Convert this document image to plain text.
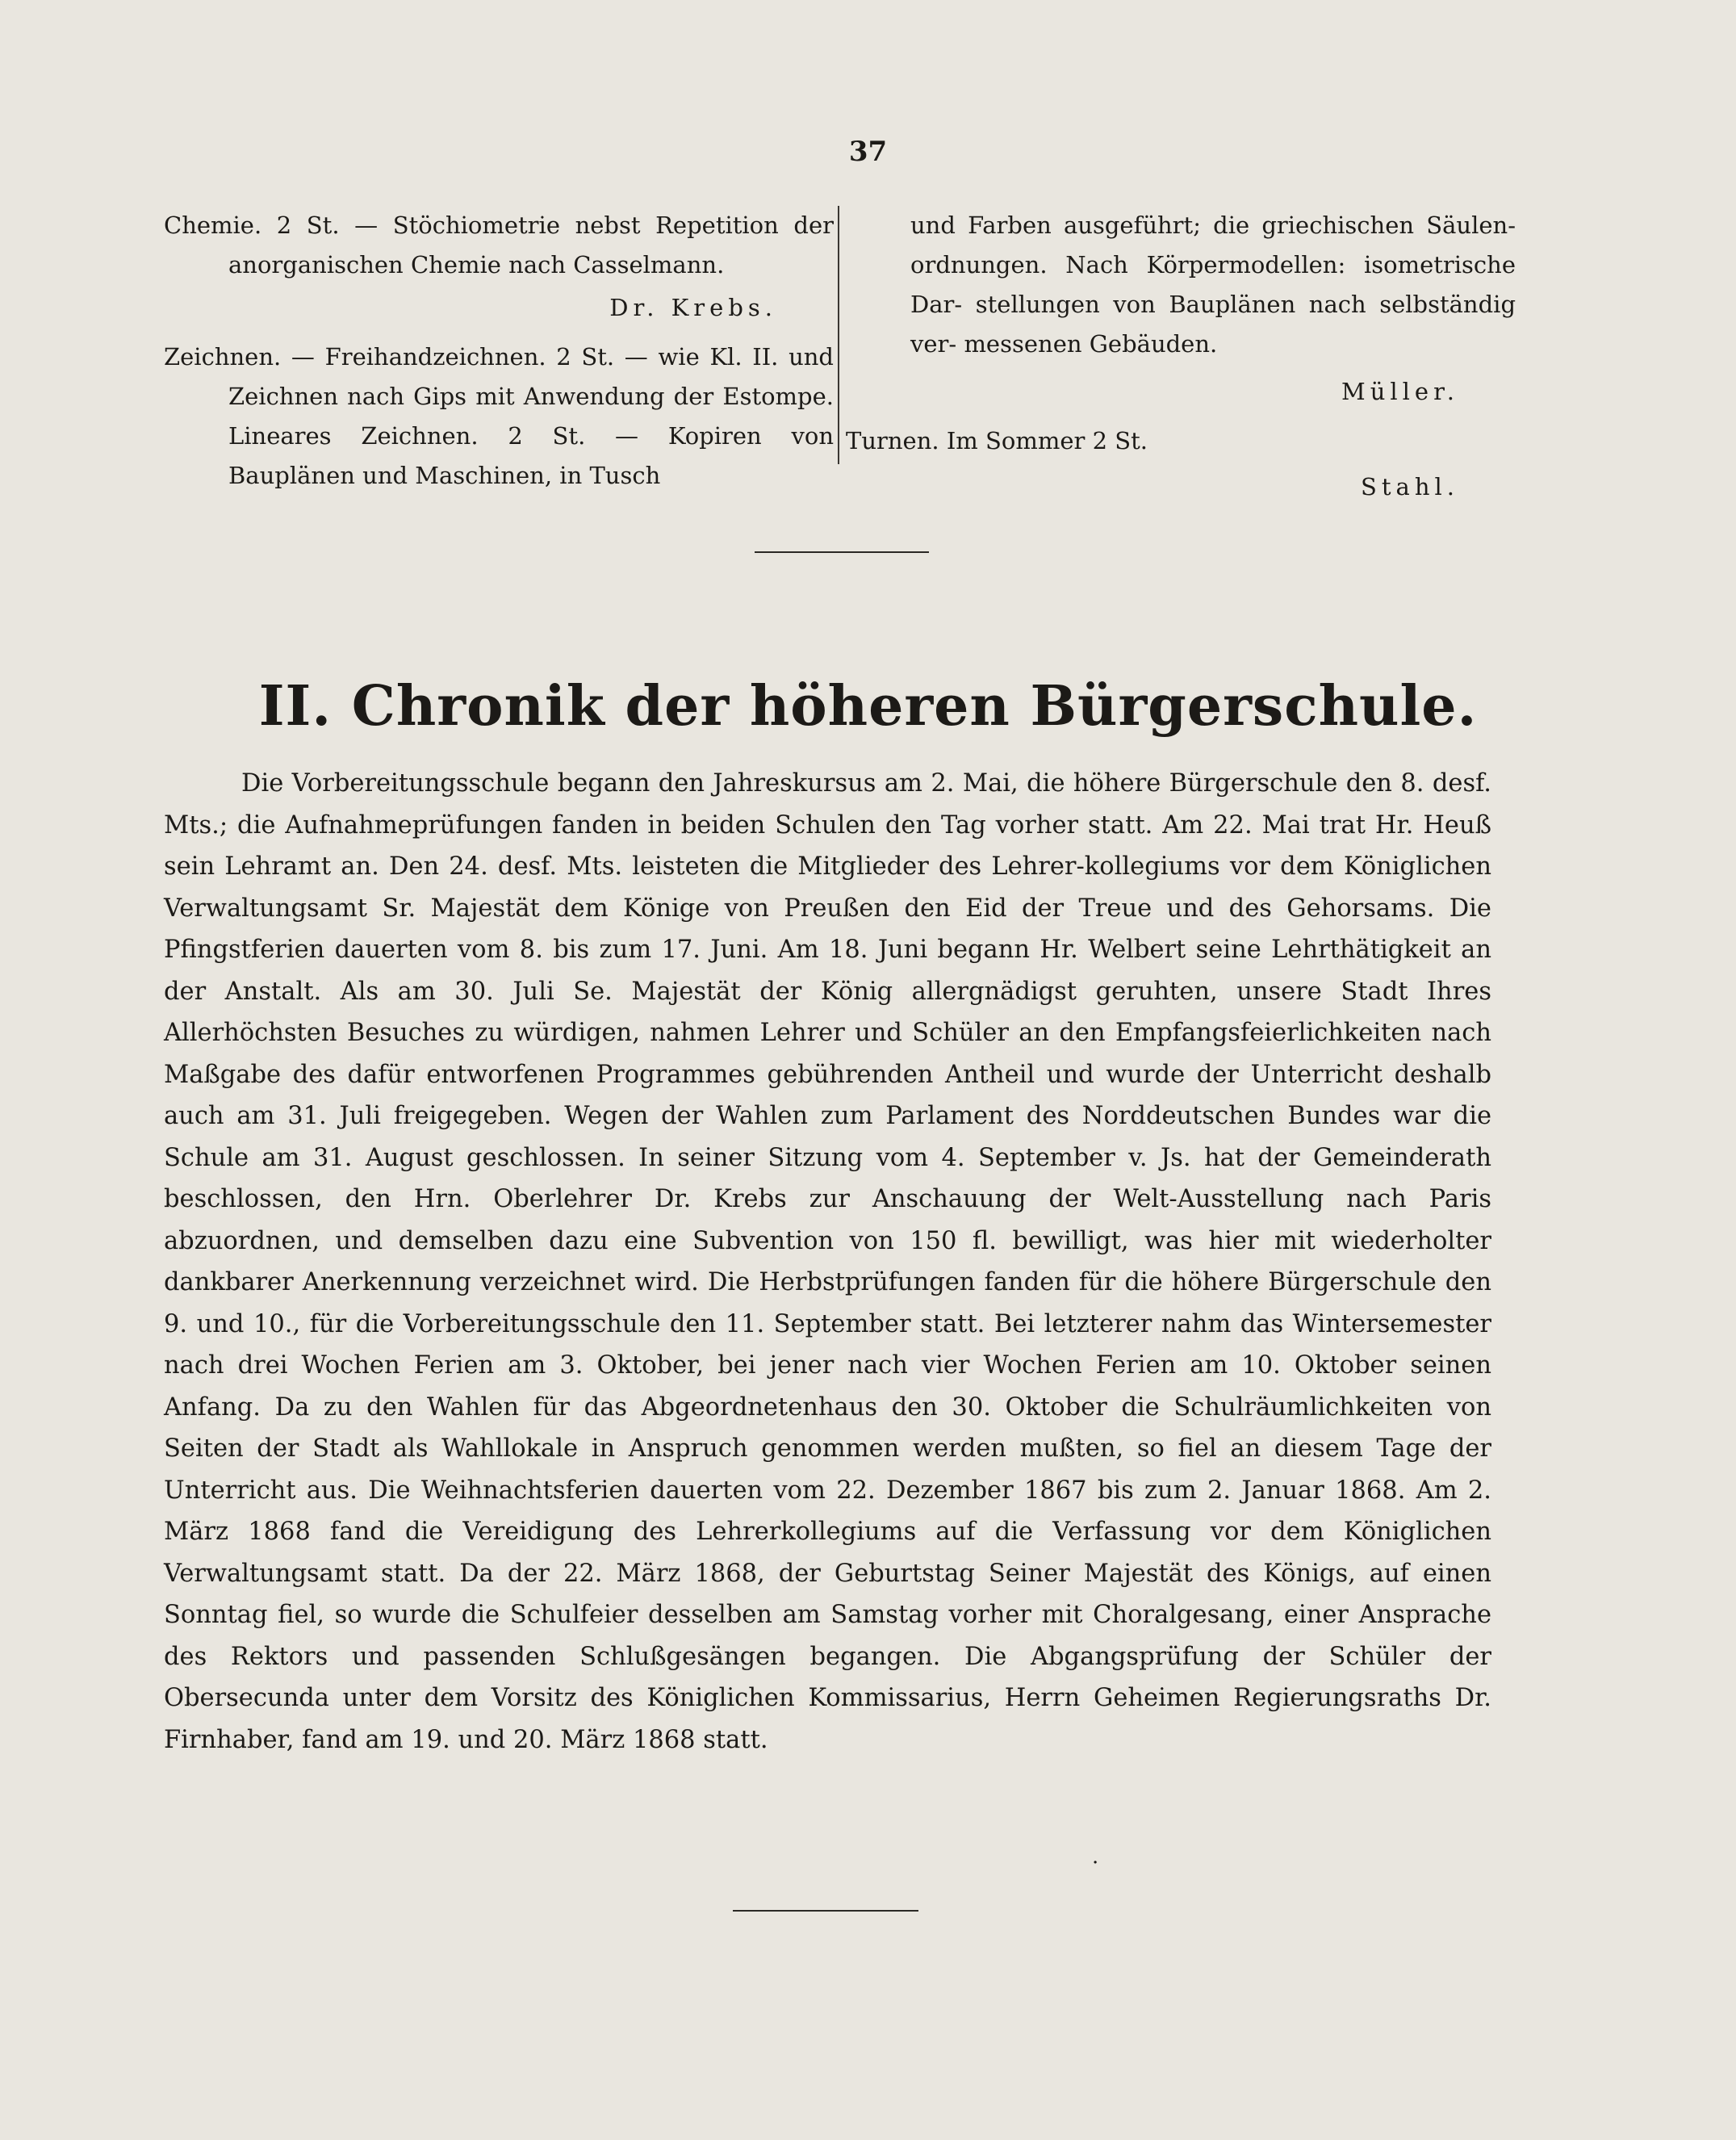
37
Chemie. 2 St. — Stöchiometrie nebst Repetition der anorganischen Chemie nach Casselmann.
Dr. Krebs.
Zeichnen. — Freihandzeichnen. 2 St. — wie Kl. II. und Zeichnen nach Gips mit Anwendung der Estompe. Lineares Zeichnen. 2 St. — Kopiren von Bauplänen und Maschinen, in Tusch
und Farben ausgeführt; die griechischen Säulen- ordnungen. Nach Körpermodellen: isometrische Dar- stellungen von Bauplänen nach selbständig ver- messenen Gebäuden.
Müller.
Turnen. Im Sommer 2 St.
Stahl.
II. Chronik der höheren Bürgerschule.

Die Vorbereitungsschule begann den Jahreskursus am 2. Mai, die höhere Bürgerschule den 8. desf. Mts.; die Aufnahmeprüfungen fanden in beiden Schulen den Tag vorher statt. Am 22. Mai trat Hr. Heuß sein Lehramt an. Den 24. desf. Mts. leisteten die Mitglieder des Lehrer-kollegiums vor dem Königlichen Verwaltungsamt Sr. Majestät dem Könige von Preußen den Eid der Treue und des Gehorsams. Die Pfingstferien dauerten vom 8. bis zum 17. Juni. Am 18. Juni begann Hr. Welbert seine Lehrthätigkeit an der Anstalt. Als am 30. Juli Se. Majestät der König allergnädigst geruhten, unsere Stadt Ihres Allerhöchsten Besuches zu würdigen, nahmen Lehrer und Schüler an den Empfangsfeierlichkeiten nach Maßgabe des dafür entworfenen Programmes gebührenden Antheil und wurde der Unterricht deshalb auch am 31. Juli freigegeben. Wegen der Wahlen zum Parlament des Norddeutschen Bundes war die Schule am 31. August geschlossen. In seiner Sitzung vom 4. September v. Js. hat der Gemeinderath beschlossen, den Hrn. Oberlehrer Dr. Krebs zur Anschauung der Welt-Ausstellung nach Paris abzuordnen, und demselben dazu eine Subvention von 150 fl. bewilligt, was hier mit wiederholter dankbarer Anerkennung verzeichnet wird. Die Herbstprüfungen fanden für die höhere Bürgerschule den 9. und 10., für die Vorbereitungsschule den 11. September statt. Bei letzterer nahm das Wintersemester nach drei Wochen Ferien am 3. Oktober, bei jener nach vier Wochen Ferien am 10. Oktober seinen Anfang. Da zu den Wahlen für das Abgeordnetenhaus den 30. Oktober die Schulräumlichkeiten von Seiten der Stadt als Wahllokale in Anspruch genommen werden mußten, so fiel an diesem Tage der Unterricht aus. Die Weihnachtsferien dauerten vom 22. Dezember 1867 bis zum 2. Januar 1868. Am 2. März 1868 fand die Vereidigung des Lehrerkollegiums auf die Verfassung vor dem Königlichen Verwaltungsamt statt. Da der 22. März 1868, der Geburtstag Seiner Majestät des Königs, auf einen Sonntag fiel, so wurde die Schulfeier desselben am Samstag vorher mit Choralgesang, einer Ansprache des Rektors und passenden Schlußgesängen begangen. Die Abgangsprüfung der Schüler der Obersecunda unter dem Vorsitz des Königlichen Kommissarius, Herrn Geheimen Regierungsraths Dr. Firnhaber, fand am 19. und 20. März 1868 statt.

·
